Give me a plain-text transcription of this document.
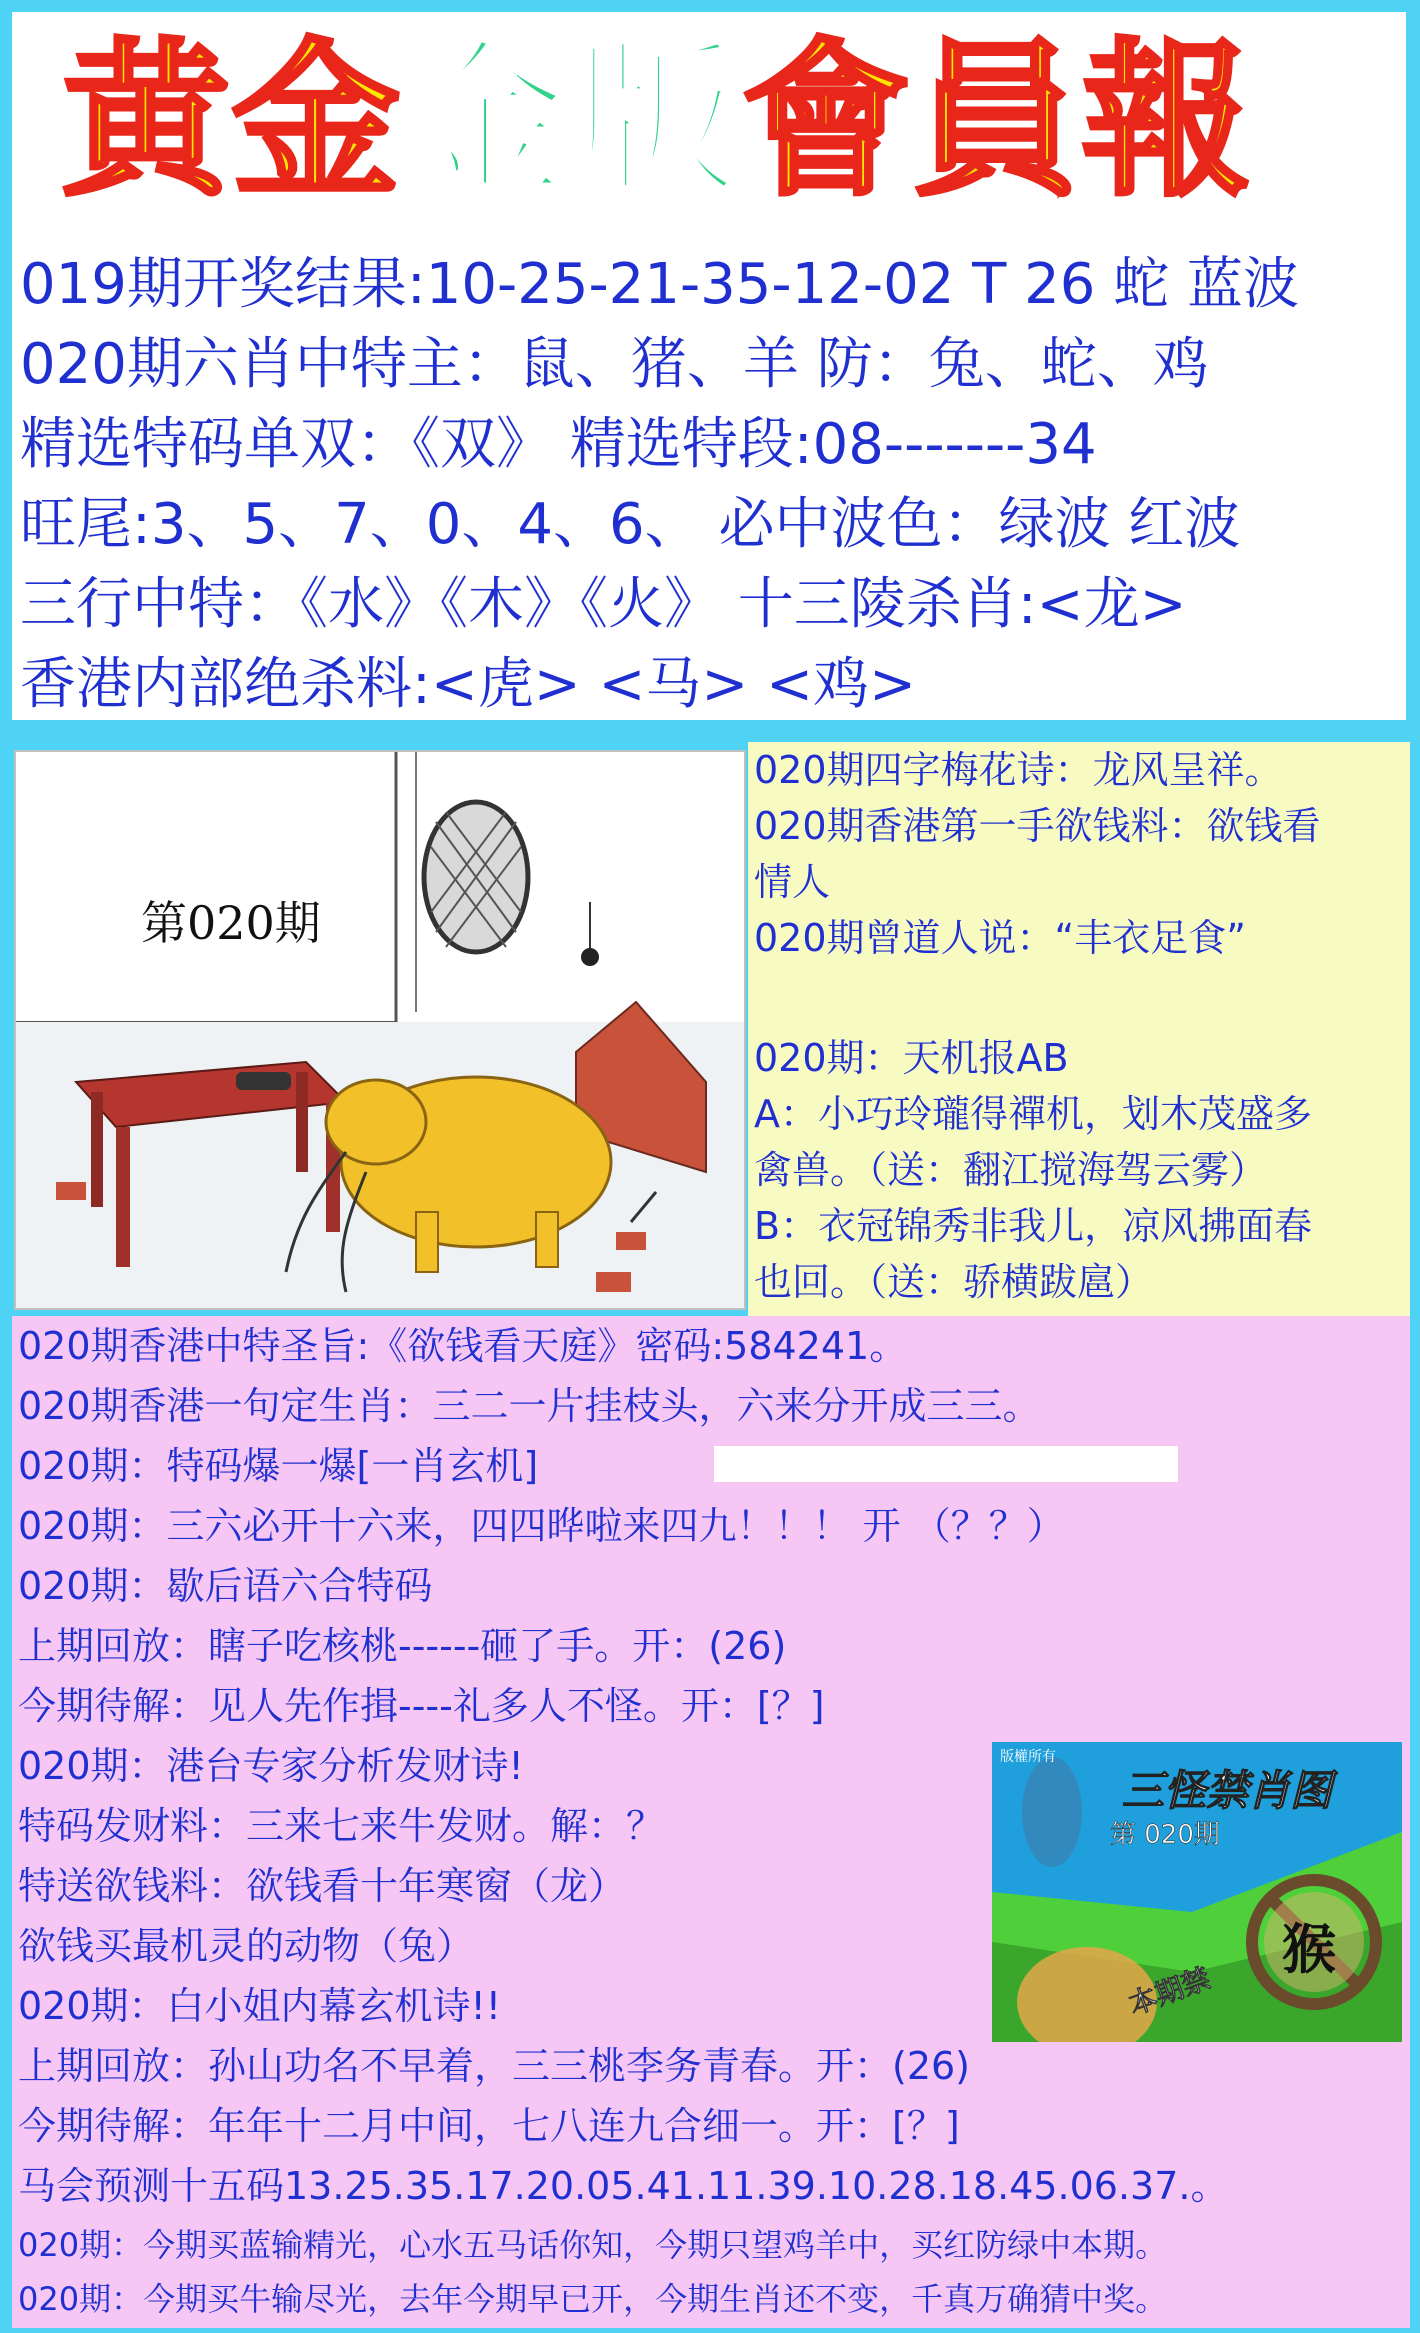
黄金金版會員報
019期开奖结果:10-25-21-35-12-02 T 26 蛇 蓝波
020期六肖中特主：鼠、猪、羊 防：兔、蛇、鸡
精选特码单双：《双》 精选特段:08-------34
旺尾:3、5、7、0、4、6、 必中波色：绿波 红波
三行中特：《水》《木》《火》 十三陵杀肖:<龙>
香港内部绝杀料:<虎> <马> <鸡>
第020期
020期四字梅花诗：龙风呈祥。
020期香港第一手欲钱料：欲钱看
情人
020期曾道人说：“丰衣足食”
020期：天机报AB
A：小巧玲瓏得禪机，划木茂盛多
禽兽。（送：翻江搅海驾云雾）
B：衣冠锦秀非我儿，凉风拂面春
也回。（送：骄横跋扈）
020期香港中特圣旨:《欲钱看天庭》密码:584241。
020期香港一句定生肖：三二一片挂枝头，六来分开成三三。
020期：特码爆一爆[一肖玄机]
020期：三六必开十六来，四四晔啦来四九！！！ 开 （？？）
020期：歇后语六合特码
上期回放：瞎子吃核桃------砸了手。开：(26)
今期待解：见人先作揖----礼多人不怪。开：[？]
020期：港台专家分析发财诗!
特码发财料：三来七来牛发财。解：？
特送欲钱料：欲钱看十年寒窗（龙）
欲钱买最机灵的动物（兔）
020期：白小姐内幕玄机诗!!
上期回放：孙山功名不早着，三三桃李务青春。开：(26)
今期待解：年年十二月中间，七八连九合细一。开：[？]
马会预测十五码13.25.35.17.20.05.41.11.39.10.28.18.45.06.37.。
020期：今期买蓝输精光，心水五马话你知，今期只望鸡羊中，买红防绿中本期。
020期：今期买牛输尽光，去年今期早已开，今期生肖还不变，千真万确猜中奖。
版權所有
三怪禁肖图
第 020期
猴
本期禁
